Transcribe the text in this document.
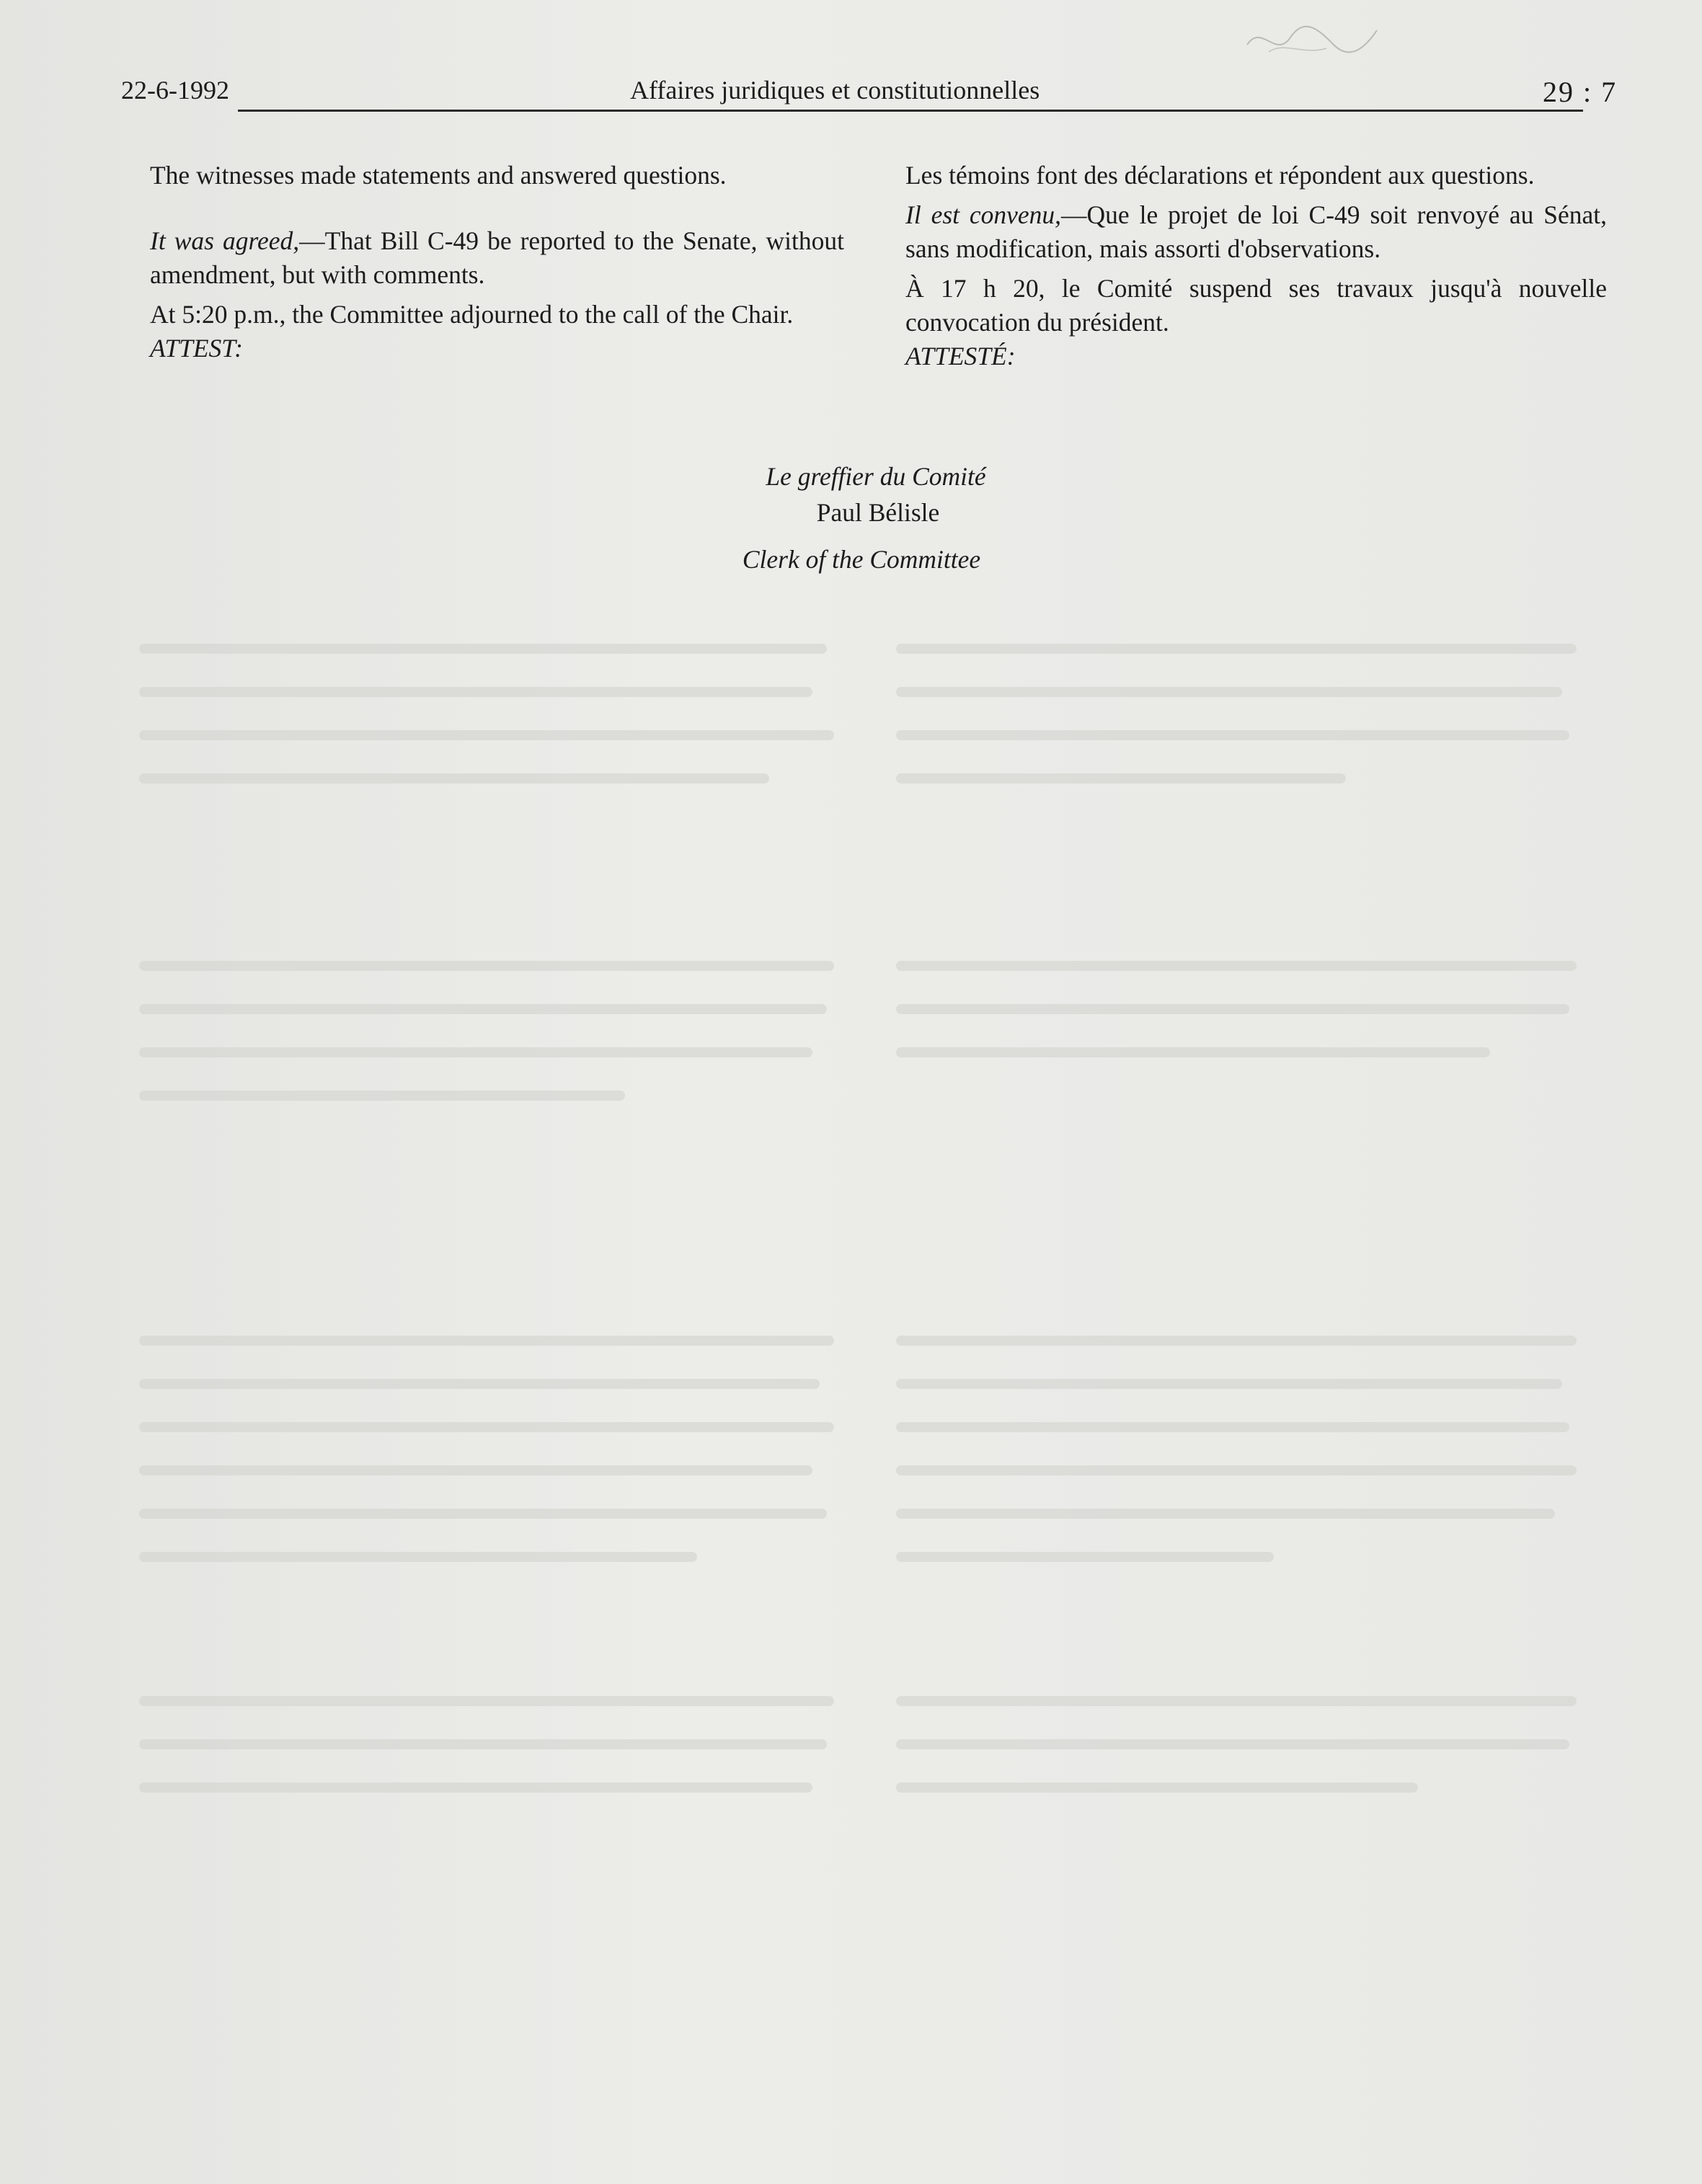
22-6-1992	Affaires juridiques et constitutionnelles	29 : 7

The witnesses made statements and answered questions.

It was agreed,—That Bill C-49 be reported to the Senate, without amendment, but with comments.

At 5:20 p.m., the Committee adjourned to the call of the Chair.

ATTEST:

Les témoins font des déclarations et répondent aux questions.

Il est convenu,—Que le projet de loi C-49 soit renvoyé au Sénat, sans modification, mais assorti d'observations.

À 17 h 20, le Comité suspend ses travaux jusqu'à nouvelle convocation du président.

ATTESTÉ:

Le greffier du Comité
Paul Bélisle
Clerk of the Committee
